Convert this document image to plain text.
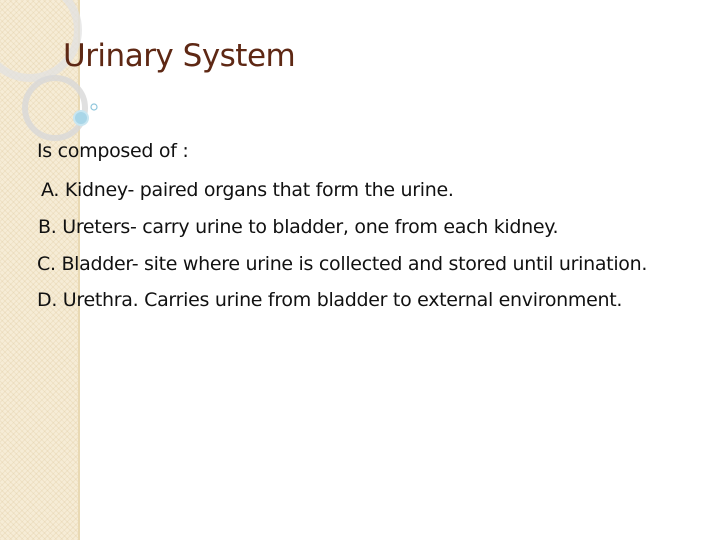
Urinary System

Is composed of :

A. Kidney- paired organs that form the urine.

B. Ureters- carry urine to bladder, one from each kidney.

C. Bladder- site where urine is collected and stored until urination.

D. Urethra. Carries urine from bladder to external environment.
